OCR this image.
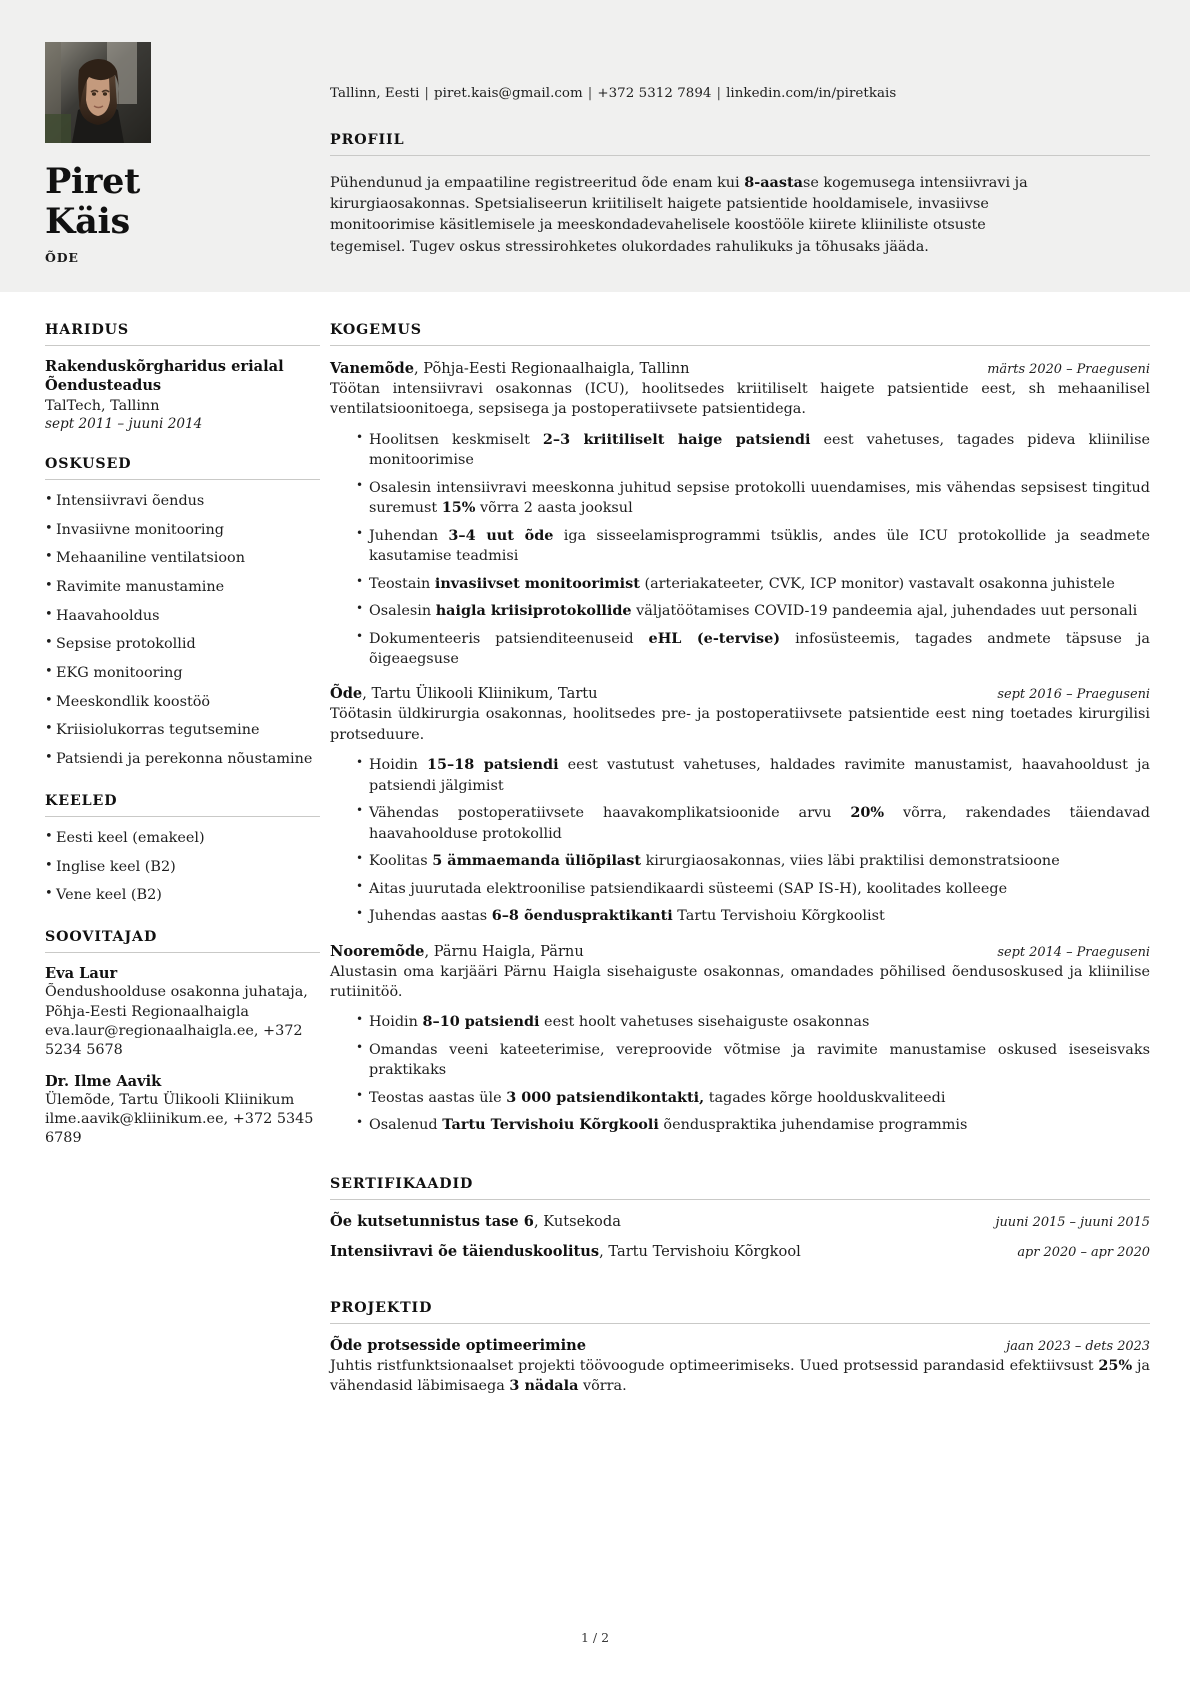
Piret
Käis
ÕDE
Tallinn, Eesti | piret.kais@gmail.com | +372 5312 7894 | linkedin.com/in/piretkais
PROFIIL
Pühendunud ja empaatiline registreeritud õde enam kui 8-aastase kogemusega intensiivravi ja kirurgiaosakonnas. Spetsialiseerun kriitiliselt haigete patsientide hooldamisele, invasiivse monitoorimise käsitlemisele ja meeskondadevahelisele koostööle kiirete kliiniliste otsuste tegemisel. Tugev oskus stressirohketes olukordades rahulikuks ja tõhusaks jääda.
HARIDUS
Rakenduskõrgharidus erialal Õendusteadus
TalTech, Tallinn
sept 2011 – juuni 2014
OSKUSED
• Intensiivravi õendus
• Invasiivne monitooring
• Mehaaniline ventilatsioon
• Ravimite manustamine
• Haavahooldus
• Sepsise protokollid
• EKG monitooring
• Meeskondlik koostöö
• Kriisiolukorras tegutsemine
• Patsiendi ja perekonna nõustamine
KEELED
• Eesti keel (emakeel)
• Inglise keel (B2)
• Vene keel (B2)
SOOVITAJAD
Eva Laur
Õendushoolduse osakonna juhataja, Põhja-Eesti Regionaalhaigla
eva.laur@regionaalhaigla.ee, +372 5234 5678
Dr. Ilme Aavik
Ülemõde, Tartu Ülikooli Kliinikum
ilme.aavik@kliinikum.ee, +372 5345 6789
KOGEMUS
Vanemõde, Põhja-Eesti Regionaalhaigla, Tallinn	märts 2020 – Praeguseni
Töötan intensiivravi osakonnas (ICU), hoolitsedes kriitiliselt haigete patsientide eest, sh mehaanilisel ventilatsioonitoega, sepsisega ja postoperatiivsete patsientidega.
• Hoolitsen keskmiselt 2–3 kriitiliselt haige patsiendi eest vahetuses, tagades pideva kliinilise monitoorimise
• Osalesin intensiivravi meeskonna juhitud sepsise protokolli uuendamises, mis vähendas sepsisest tingitud suremust 15% võrra 2 aasta jooksul
• Juhendan 3–4 uut õde iga sisseelamisprogrammi tsüklis, andes üle ICU protokollide ja seadmete kasutamise teadmisi
• Teostain invasiivset monitoorimist (arteriakateeter, CVK, ICP monitor) vastavalt osakonna juhistele
• Osalesin haigla kriisiprotokollide väljatöötamises COVID-19 pandeemia ajal, juhendades uut personali
• Dokumenteeris patsienditeenuseid eHL (e-tervise) infosüsteemis, tagades andmete täpsuse ja õigeaegsuse
Õde, Tartu Ülikooli Kliinikum, Tartu	sept 2016 – Praeguseni
Töötasin üldkirurgia osakonnas, hoolitsedes pre- ja postoperatiivsete patsientide eest ning toetades kirurgilisi protseduure.
• Hoidin 15–18 patsiendi eest vastutust vahetuses, haldades ravimite manustamist, haavahooldust ja patsiendi jälgimist
• Vähendas postoperatiivsete haavakomplikatsioonide arvu 20% võrra, rakendades täiendavad haavahoolduse protokollid
• Koolitas 5 ämmaemanda üliõpilast kirurgiaosakonnas, viies läbi praktilisi demonstratsioone
• Aitas juurutada elektroonilise patsiendikaardi süsteemi (SAP IS-H), koolitades kolleege
• Juhendas aastas 6–8 õenduspraktikanti Tartu Tervishoiu Kõrgkoolist
Nooremõde, Pärnu Haigla, Pärnu	sept 2014 – Praeguseni
Alustasin oma karjääri Pärnu Haigla sisehaiguste osakonnas, omandades põhilised õendusoskused ja kliinilise rutiinitöö.
• Hoidin 8–10 patsiendi eest hoolt vahetuses sisehaiguste osakonnas
• Omandas veeni kateeterimise, vereproovide võtmise ja ravimite manustamise oskused iseseisvaks praktikaks
• Teostas aastas üle 3 000 patsiendikontakti, tagades kõrge hoolduskvaliteedi
• Osalenud Tartu Tervishoiu Kõrgkooli õenduspraktika juhendamise programmis
SERTIFIKAADID
Õe kutsetunnistus tase 6, Kutsekoda	juuni 2015 – juuni 2015
Intensiivravi õe täienduskoolitus, Tartu Tervishoiu Kõrgkool	apr 2020 – apr 2020
PROJEKTID
Õde protsesside optimeerimine	jaan 2023 – dets 2023
Juhtis ristfunktsionaalset projekti töövoogude optimeerimiseks. Uued protsessid parandasid efektiivsust 25% ja vähendasid läbimisaega 3 nädala võrra.
1 / 2
